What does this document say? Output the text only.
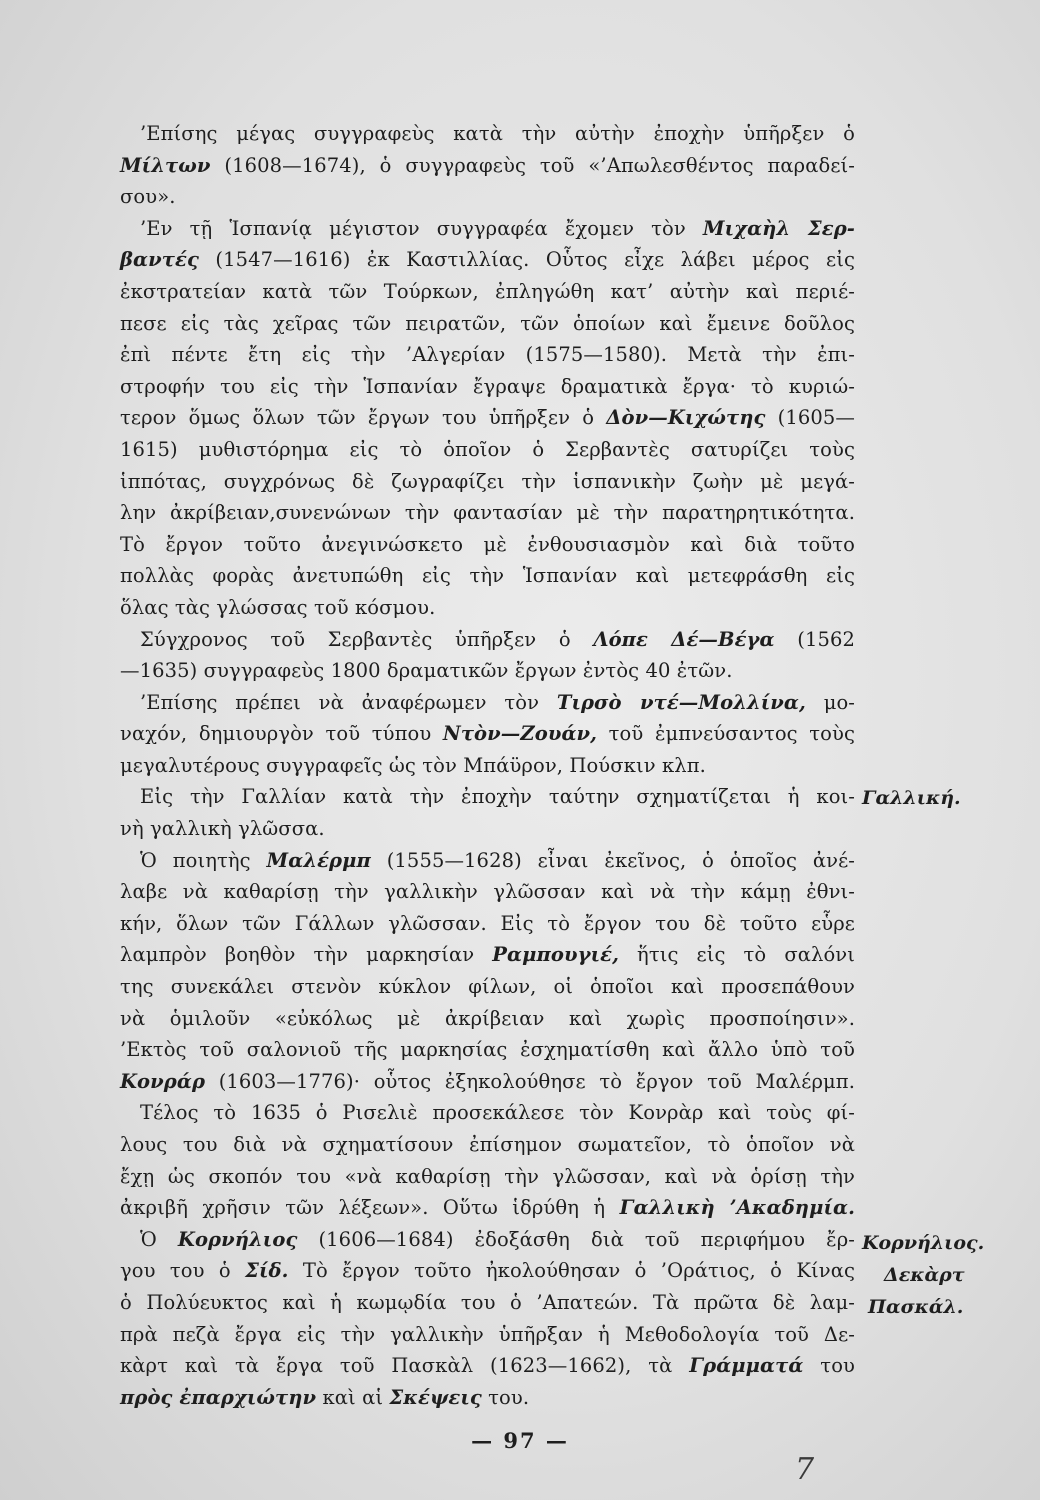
’Επίσης μέγας συγγραφεὺς κατὰ τὴν αὐτὴν ἐποχὴν ὑπῆρξεν ὁ
Μίλτων (1608—1674), ὁ συγγραφεὺς τοῦ «’Απωλεσθέντος παραδεί-
σου».
’Εν τῇ Ἱσπανίᾳ μέγιστον συγγραφέα ἔχομεν τὸν Μιχαὴλ Σερ-
βαντές (1547—1616) ἐκ Καστιλλίας. Οὗτος εἶχε λάβει μέρος εἰς
ἐκστρατείαν κατὰ τῶν Τούρκων, ἐπληγώθη κατ’ αὐτὴν καὶ περιέ-
πεσε εἰς τὰς χεῖρας τῶν πειρατῶν, τῶν ὁποίων καὶ ἔμεινε δοῦλος
ἐπὶ πέντε ἔτη εἰς τὴν ’Αλγερίαν (1575—1580). Μετὰ τὴν ἐπι-
στροφήν του εἰς τὴν Ἱσπανίαν ἔγραψε δραματικὰ ἔργα· τὸ κυριώ-
τερον ὅμως ὅλων τῶν ἔργων του ὑπῆρξεν ὁ Δὸν—Κιχώτης (1605—
1615) μυθιστόρημα εἰς τὸ ὁποῖον ὁ Σερβαντὲς σατυρίζει τοὺς
ἱππότας, συγχρόνως δὲ ζωγραφίζει τὴν ἱσπανικὴν ζωὴν μὲ μεγά-
λην ἀκρίβειαν,συνενώνων τὴν φαντασίαν μὲ τὴν παρατηρητικότητα.
Τὸ ἔργον τοῦτο ἀνεγινώσκετο μὲ ἐνθουσιασμὸν καὶ διὰ τοῦτο
πολλὰς φορὰς ἀνετυπώθη εἰς τὴν Ἱσπανίαν καὶ μετεφράσθη εἰς
ὅλας τὰς γλώσσας τοῦ κόσμου.
Σύγχρονος τοῦ Σερβαντὲς ὑπῆρξεν ὁ Λόπε Δέ—Βέγα (1562
—1635) συγγραφεὺς 1800 δραματικῶν ἔργων ἐντὸς 40 ἐτῶν.
’Επίσης πρέπει νὰ ἀναφέρωμεν τὸν Τιρσὸ ντέ—Μολλίνα, μο-
ναχόν, δημιουργὸν τοῦ τύπου Ντὸν—Ζουάν, τοῦ ἐμπνεύσαντος τοὺς
μεγαλυτέρους συγγραφεῖς ὡς τὸν Μπάϋρον, Πούσκιν κλπ.
Εἰς τὴν Γαλλίαν κατὰ τὴν ἐποχὴν ταύτην σχηματίζεται ἡ κοι-
νὴ γαλλικὴ γλῶσσα.
Ὁ ποιητὴς Μαλέρμπ (1555—1628) εἶναι ἐκεῖνος, ὁ ὁποῖος ἀνέ-
λαβε νὰ καθαρίσῃ τὴν γαλλικὴν γλῶσσαν καὶ νὰ τὴν κάμῃ ἐθνι-
κήν, ὅλων τῶν Γάλλων γλῶσσαν. Εἰς τὸ ἔργον του δὲ τοῦτο εὗρε
λαμπρὸν βοηθὸν τὴν μαρκησίαν Ραμπουγιέ, ἥτις εἰς τὸ σαλόνι
της συνεκάλει στενὸν κύκλον φίλων, οἱ ὁποῖοι καὶ προσεπάθουν
νὰ ὁμιλοῦν «εὐκόλως μὲ ἀκρίβειαν καὶ χωρὶς προσποίησιν».
’Εκτὸς τοῦ σαλονιοῦ τῆς μαρκησίας ἐσχηματίσθη καὶ ἄλλο ὑπὸ τοῦ
Κονράρ (1603—1776)· οὗτος ἐξηκολούθησε τὸ ἔργον τοῦ Μαλέρμπ.
Τέλος τὸ 1635 ὁ Ρισελιὲ προσεκάλεσε τὸν Κονρὰρ καὶ τοὺς φί-
λους του διὰ νὰ σχηματίσουν ἐπίσημον σωματεῖον, τὸ ὁποῖον νὰ
ἔχῃ ὡς σκοπόν του «νὰ καθαρίσῃ τὴν γλῶσσαν, καὶ νὰ ὁρίσῃ τὴν
ἀκριβῆ χρῆσιν τῶν λέξεων». Οὕτω ἱδρύθη ἡ Γαλλικὴ ’Ακαδημία.
Ὁ Κορνήλιος (1606—1684) ἐδοξάσθη διὰ τοῦ περιφήμου ἔρ-
γου του ὁ Σίδ. Τὸ ἔργον τοῦτο ἠκολούθησαν ὁ ’Οράτιος, ὁ Κίνας
ὁ Πολύευκτος καὶ ἡ κωμῳδία του ὁ ’Απατεών. Τὰ πρῶτα δὲ λαμ-
πρὰ πεζὰ ἔργα εἰς τὴν γαλλικὴν ὑπῆρξαν ἡ Μεθοδολογία τοῦ Δε-
κὰρτ καὶ τὰ ἔργα τοῦ Πασκὰλ (1623—1662), τὰ Γράμματά του
πρὸς ἐπαρχιώτην καὶ αἱ Σκέψεις του.
Γαλλική.
Κορνήλιος.
Δεκὰρτ
Πασκάλ.
— 97 —
7
